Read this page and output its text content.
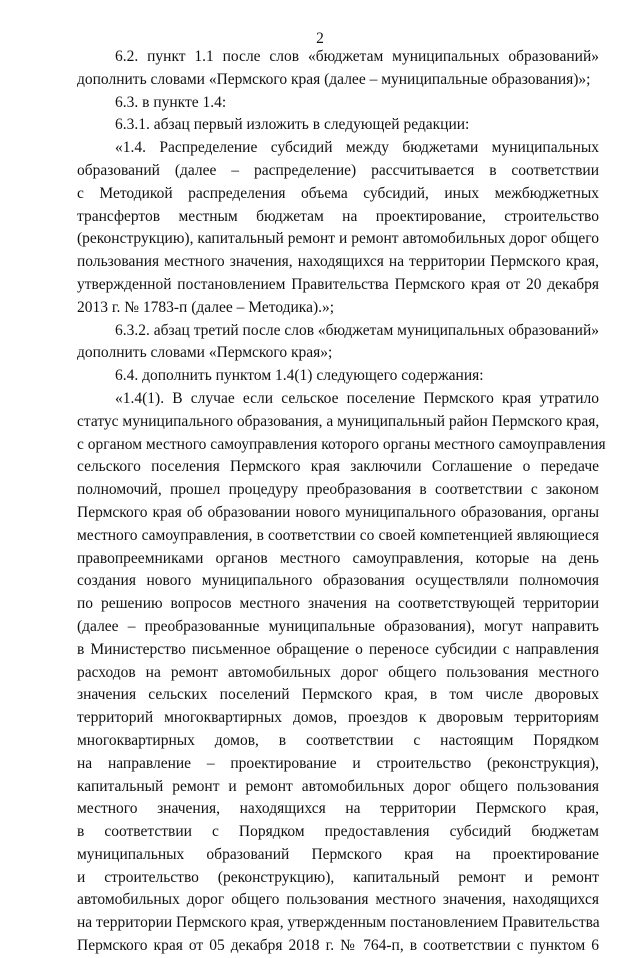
2
6.2. пункт 1.1 после слов «бюджетам муниципальных образований»
дополнить словами «Пермского края (далее – муниципальные образования)»;
6.3. в пункте 1.4:
6.3.1. абзац первый изложить в следующей редакции:
«1.4. Распределение субсидий между бюджетами муниципальных
образований (далее – распределение) рассчитывается в соответствии
с Методикой распределения объема субсидий, иных межбюджетных
трансфертов местным бюджетам на проектирование, строительство
(реконструкцию), капитальный ремонт и ремонт автомобильных дорог общего
пользования местного значения, находящихся на территории Пермского края,
утвержденной постановлением Правительства Пермского края от 20 декабря
2013 г. № 1783-п (далее – Методика).»;
6.3.2. абзац третий после слов «бюджетам муниципальных образований»
дополнить словами «Пермского края»;
6.4. дополнить пунктом 1.4(1) следующего содержания:
«1.4(1). В случае если сельское поселение Пермского края утратило
статус муниципального образования, а муниципальный район Пермского края,
с органом местного самоуправления которого органы местного самоуправления
сельского поселения Пермского края заключили Соглашение о передаче
полномочий, прошел процедуру преобразования в соответствии с законом
Пермского края об образовании нового муниципального образования, органы
местного самоуправления, в соответствии со своей компетенцией являющиеся
правопреемниками органов местного самоуправления, которые на день
создания нового муниципального образования осуществляли полномочия
по решению вопросов местного значения на соответствующей территории
(далее – преобразованные муниципальные образования), могут направить
в Министерство письменное обращение о переносе субсидии с направления
расходов на ремонт автомобильных дорог общего пользования местного
значения сельских поселений Пермского края, в том числе дворовых
территорий многоквартирных домов, проездов к дворовым территориям
многоквартирных домов, в соответствии с настоящим Порядком
на направление – проектирование и строительство (реконструкция),
капитальный ремонт и ремонт автомобильных дорог общего пользования
местного значения, находящихся на территории Пермского края,
в соответствии с Порядком предоставления субсидий бюджетам
муниципальных образований Пермского края на проектирование
и строительство (реконструкцию), капитальный ремонт и ремонт
автомобильных дорог общего пользования местного значения, находящихся
на территории Пермского края, утвержденным постановлением Правительства
Пермского края от 05 декабря 2018 г. № 764-п, в соответствии с пунктом 6
